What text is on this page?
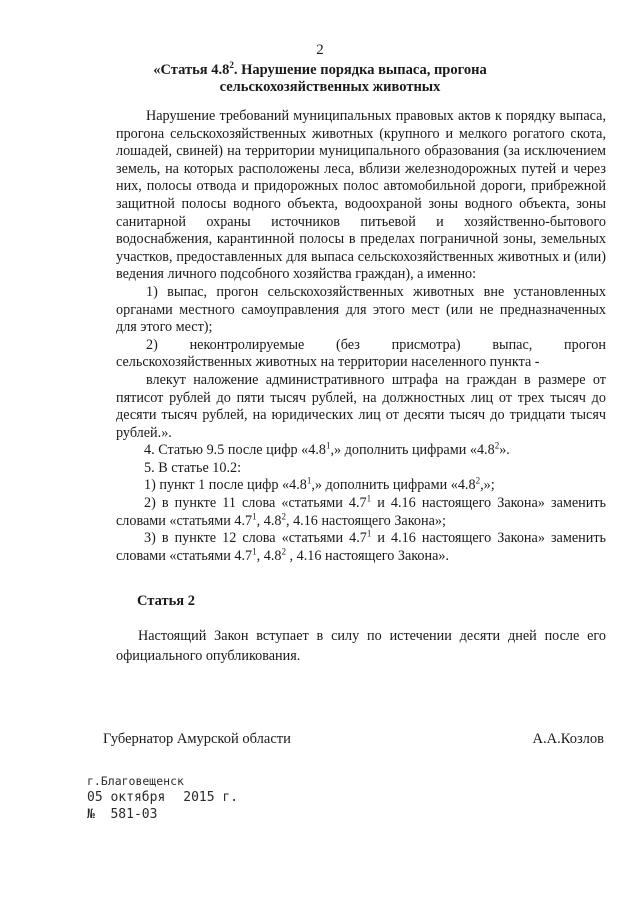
2
«Статья $4.8^2$. Нарушение порядка выпаса, прогона
сельскохозяйственных животных

Нарушение требований муниципальных правовых актов к порядку выпаса, прогона сельскохозяйственных животных (крупного и мелкого рогатого скота, лошадей, свиней) на территории муниципального образования (за исключением земель, на которых расположены леса, вблизи железнодорожных путей и через них, полосы отвода и придорожных полос автомобильной дороги, прибрежной защитной полосы водного объекта, водоохраной зоны водного объекта, зоны санитарной охраны источников питьевой и хозяйственно-бытового водоснабжения, карантинной полосы в пределах пограничной зоны, земельных участков, предоставленных для выпаса сельскохозяйственных животных и (или) ведения личного подсобного хозяйства граждан), а именно:

1) выпас, прогон сельскохозяйственных животных вне установленных органами местного самоуправления для этого мест (или не предназначенных для этого мест);

2) неконтролируемые (без присмотра) выпас, прогон

сельскохозяйственных животных на территории населенного пункта -

влекут наложение административного штрафа на граждан в размере от пятисот рублей до пяти тысяч рублей, на должностных лиц от трех тысяч до десяти тысяч рублей, на юридических лиц от десяти тысяч до тридцати тысяч рублей.».

4. Статью 9.5 после цифр «$4.8^1$,» дополнить цифрами «$4.8^2$».

5. В статье 10.2:

1) пункт 1 после цифр «$4.8^1$,» дополнить цифрами «$4.8^2$,»;

2) в пункте 11 слова «статьями $4.7^1$ и 4.16 настоящего Закона» заменить словами «статьями $4.7^1$, $4.8^2$, 4.16 настоящего Закона»;

3) в пункте 12 слова «статьями $4.7^1$ и 4.16 настоящего Закона» заменить словами «статьями $4.7^1$, $4.8^2$ , 4.16 настоящего Закона».

Статья 2
Настоящий Закон вступает в силу по истечении десяти дней после его официального опубликования.
Губернатор Амурской области	А.А.Козлов
г.Благовещенск
05 октября 2015 г.
№ 581-03
